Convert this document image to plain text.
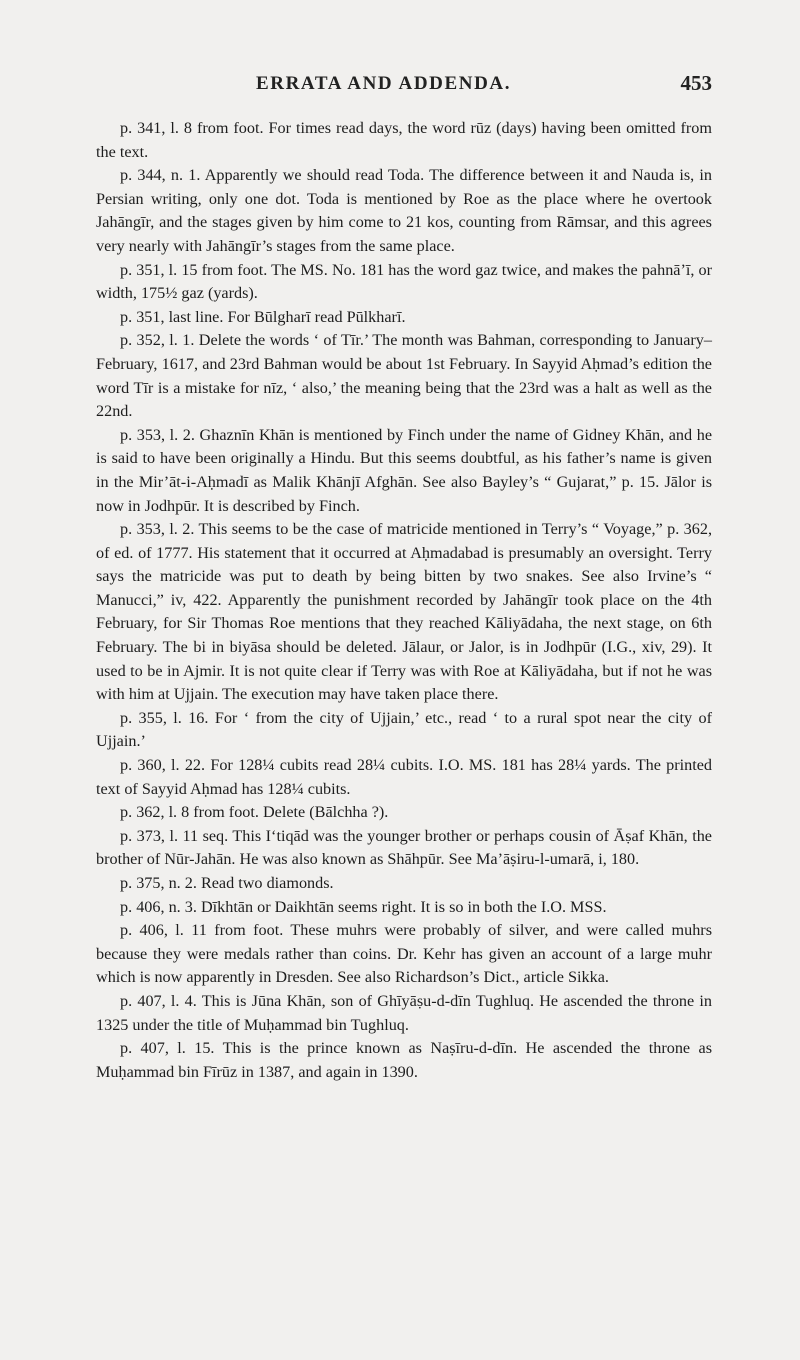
ERRATA AND ADDENDA.	453

p. 341, l. 8 from foot. For times read days, the word rūz (days) having been omitted from the text.

p. 344, n. 1. Apparently we should read Toda. The difference between it and Nauda is, in Persian writing, only one dot. Toda is mentioned by Roe as the place where he overtook Jahāngīr, and the stages given by him come to 21 kos, counting from Rāmsar, and this agrees very nearly with Jahāngīr’s stages from the same place.

p. 351, l. 15 from foot. The MS. No. 181 has the word gaz twice, and makes the pahnā’ī, or width, 175½ gaz (yards).

p. 351, last line. For Būlgharī read Pūlkharī.

p. 352, l. 1. Delete the words ‘ of Tīr.’ The month was Bahman, corresponding to January–February, 1617, and 23rd Bahman would be about 1st February. In Sayyid Aḥmad’s edition the word Tīr is a mistake for nīz, ‘ also,’ the meaning being that the 23rd was a halt as well as the 22nd.

p. 353, l. 2. Ghaznīn Khān is mentioned by Finch under the name of Gidney Khān, and he is said to have been originally a Hindu. But this seems doubtful, as his father’s name is given in the Mir’āt-i-Aḥmadī as Malik Khānjī Afghān. See also Bayley’s “ Gujarat,” p. 15. Jālor is now in Jodhpūr. It is described by Finch.

p. 353, l. 2. This seems to be the case of matricide mentioned in Terry’s “ Voyage,” p. 362, of ed. of 1777. His statement that it occurred at Aḥmadabad is presumably an oversight. Terry says the matricide was put to death by being bitten by two snakes. See also Irvine’s “ Manucci,” iv, 422. Apparently the punishment recorded by Jahāngīr took place on the 4th February, for Sir Thomas Roe mentions that they reached Kāliyādaha, the next stage, on 6th February. The bi in biyāsa should be deleted. Jālaur, or Jalor, is in Jodhpūr (I.G., xiv, 29). It used to be in Ajmir. It is not quite clear if Terry was with Roe at Kāliyādaha, but if not he was with him at Ujjain. The execution may have taken place there.

p. 355, l. 16. For ‘ from the city of Ujjain,’ etc., read ‘ to a rural spot near the city of Ujjain.’

p. 360, l. 22. For 128¼ cubits read 28¼ cubits. I.O. MS. 181 has 28¼ yards. The printed text of Sayyid Aḥmad has 128¼ cubits.

p. 362, l. 8 from foot. Delete (Bālchha ?).

p. 373, l. 11 seq. This I‘tiqād was the younger brother or perhaps cousin of Āṣaf Khān, the brother of Nūr-Jahān. He was also known as Shāhpūr. See Ma’āṣiru-l-umarā, i, 180.

p. 375, n. 2. Read two diamonds.

p. 406, n. 3. Dīkhtān or Daikhtān seems right. It is so in both the I.O. MSS.

p. 406, l. 11 from foot. These muhrs were probably of silver, and were called muhrs because they were medals rather than coins. Dr. Kehr has given an account of a large muhr which is now apparently in Dresden. See also Richardson’s Dict., article Sikka.

p. 407, l. 4. This is Jūna Khān, son of Ghīyāṣu-d-dīn Tughluq. He ascended the throne in 1325 under the title of Muḥammad bin Tughluq.

p. 407, l. 15. This is the prince known as Naṣīru-d-dīn. He ascended the throne as Muḥammad bin Fīrūz in 1387, and again in 1390.
